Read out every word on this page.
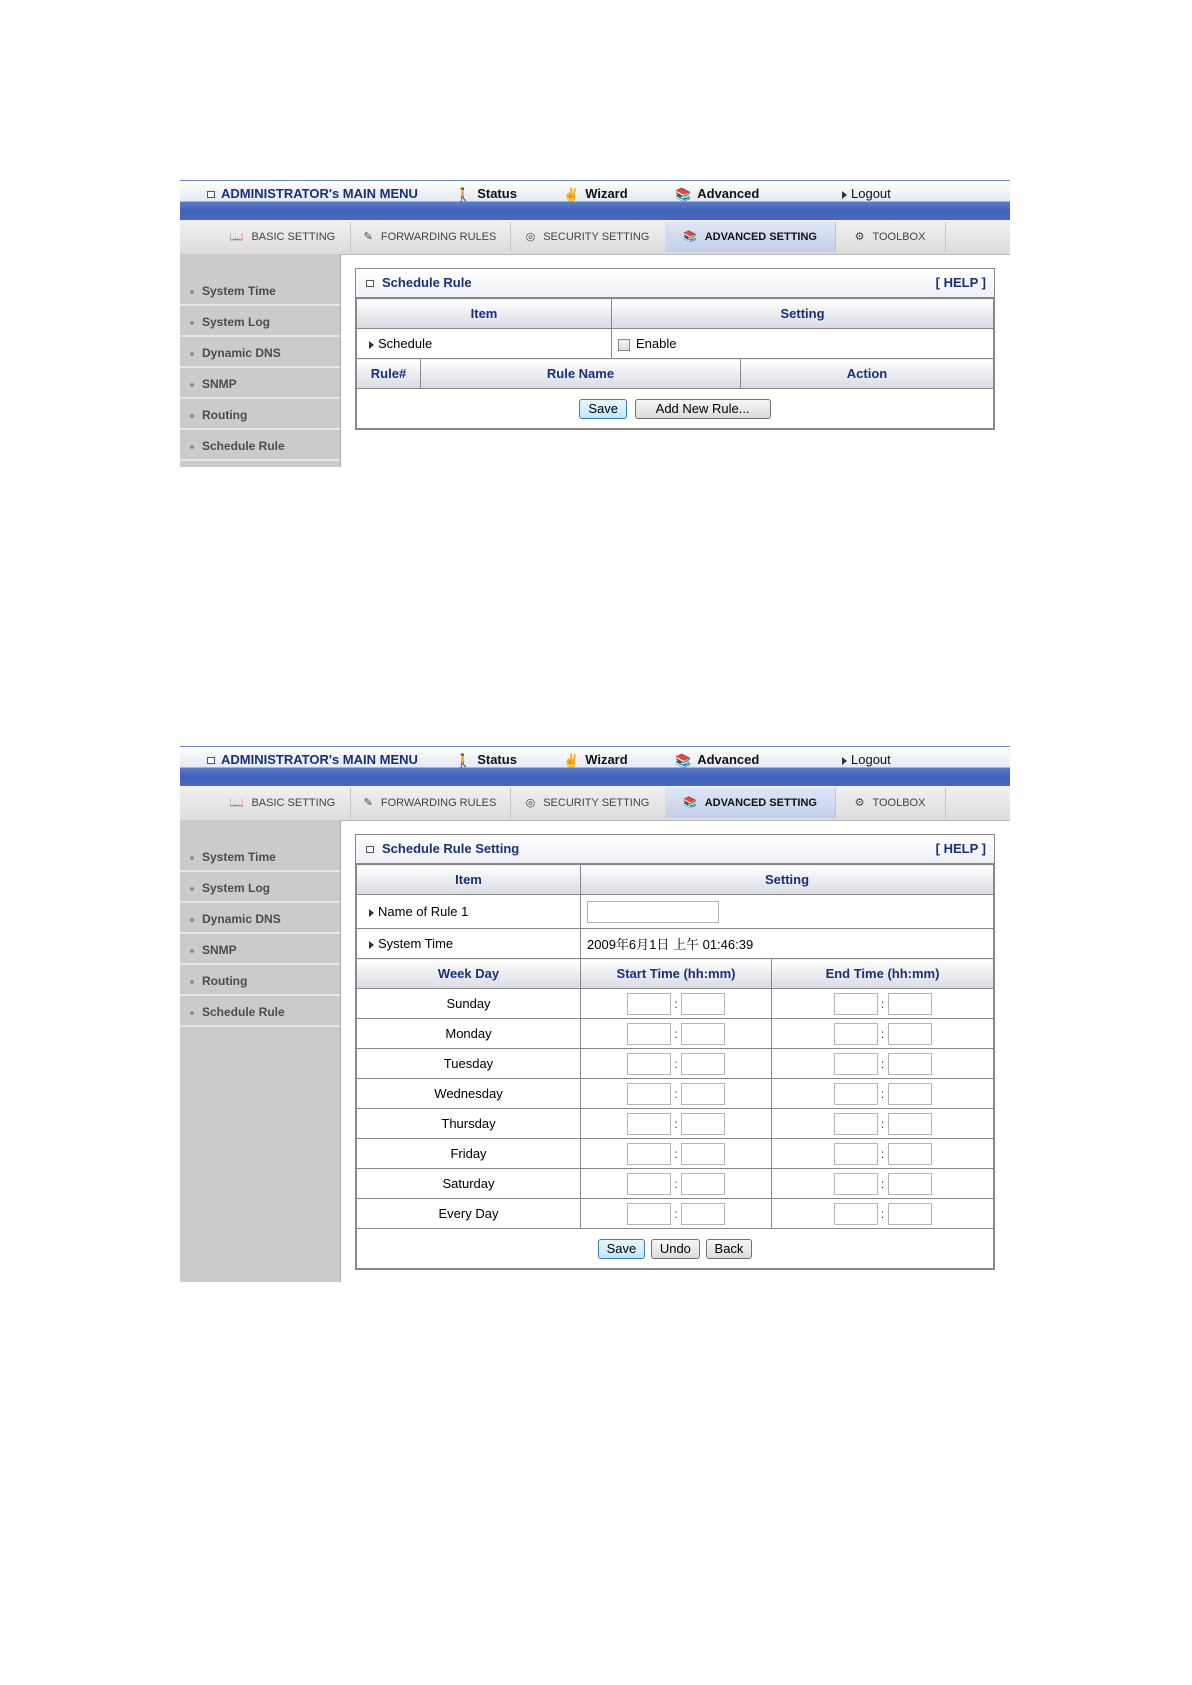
ADMINISTRATOR's MAIN MENU	🚶 Status	✌ Wizard	📚 Advanced	Logout
📖 BASIC SETTING	✎ FORWARDING RULES	◎ SECURITY SETTING	📚 ADVANCED SETTING	⚙ TOOLBOX
System Time
System Log
Dynamic DNS
SNMP
Routing
Schedule Rule
Schedule Rule	[ HELP ]
Item	Setting
Schedule	Enable
Rule#	Rule Name	Action
Save	Add New Rule...
ADMINISTRATOR's MAIN MENU	🚶 Status	✌ Wizard	📚 Advanced	Logout
📖 BASIC SETTING	✎ FORWARDING RULES	◎ SECURITY SETTING	📚 ADVANCED SETTING	⚙ TOOLBOX
System Time
System Log
Dynamic DNS
SNMP
Routing
Schedule Rule
Schedule Rule Setting	[ HELP ]
Item	Setting
Name of Rule 1	
System Time	2009年6月1日 上午 01:46:39
Week Day	Start Time (hh:mm)	End Time (hh:mm)
Sunday	:	:
Monday	:	:
Tuesday	:	:
Wednesday	:	:
Thursday	:	:
Friday	:	:
Saturday	:	:
Every Day	:	:
Save Undo Back		
